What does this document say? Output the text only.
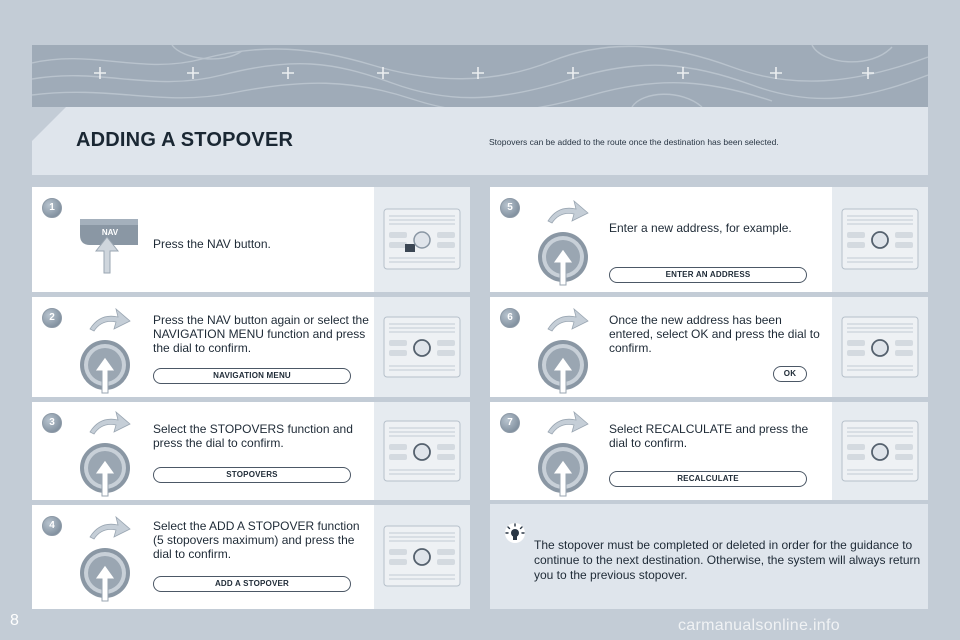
ADDING A STOPOVER	Stopovers can be added to the route once the destination has been selected.
1
NAV
Press the NAV button.
2	Press the NAV button again or select the NAVIGATION MENU function and press the dial to confirm.
NAVIGATION MENU
3	Select the STOPOVERS function and press the dial to confirm.
STOPOVERS
4	Select the ADD A STOPOVER function (5 stopovers maximum) and press the dial to confirm.
ADD A STOPOVER
5
Enter a new address, for example.
ENTER AN ADDRESS
6	Once the new address has been entered, select OK and press the dial to confirm.
OK
7	Select RECALCULATE and press the dial to confirm.
RECALCULATE
The stopover must be completed or deleted in order for the guidance to continue to the next destination. Otherwise, the system will always return you to the previous stopover.
8	carmanualsonline.info
